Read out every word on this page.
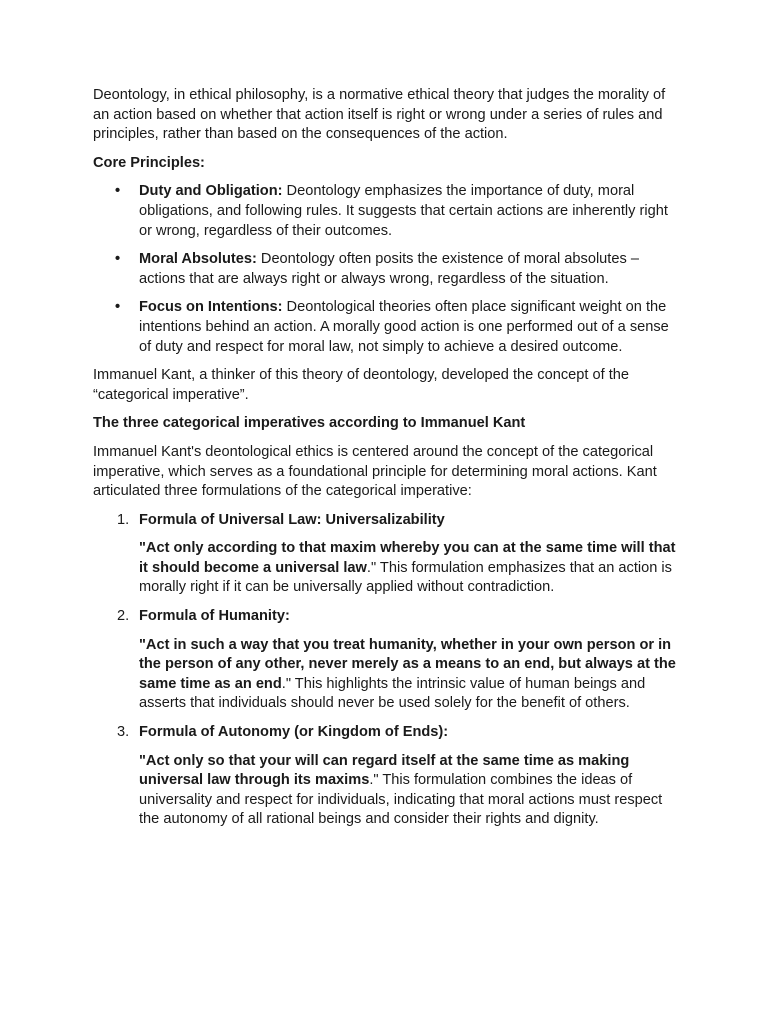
Deontology, in ethical philosophy, is a normative ethical theory that judges the morality of an action based on whether that action itself is right or wrong under a series of rules and principles, rather than based on the consequences of the action.

Core Principles:

• Duty and Obligation: Deontology emphasizes the importance of duty, moral obligations, and following rules. It suggests that certain actions are inherently right or wrong, regardless of their outcomes.
• Moral Absolutes: Deontology often posits the existence of moral absolutes – actions that are always right or always wrong, regardless of the situation.
• Focus on Intentions: Deontological theories often place significant weight on the intentions behind an action. A morally good action is one performed out of a sense of duty and respect for moral law, not simply to achieve a desired outcome.

Immanuel Kant, a thinker of this theory of deontology, developed the concept of the “categorical imperative”.

The three categorical imperatives according to Immanuel Kant

Immanuel Kant's deontological ethics is centered around the concept of the categorical imperative, which serves as a foundational principle for determining moral actions. Kant articulated three formulations of the categorical imperative:

1. Formula of Universal Law: Universalizability

"Act only according to that maxim whereby you can at the same time will that it should become a universal law." This formulation emphasizes that an action is morally right if it can be universally applied without contradiction.

2. Formula of Humanity:

"Act in such a way that you treat humanity, whether in your own person or in the person of any other, never merely as a means to an end, but always at the same time as an end." This highlights the intrinsic value of human beings and asserts that individuals should never be used solely for the benefit of others.

3. Formula of Autonomy (or Kingdom of Ends):

"Act only so that your will can regard itself at the same time as making universal law through its maxims." This formulation combines the ideas of universality and respect for individuals, indicating that moral actions must respect the autonomy of all rational beings and consider their rights and dignity.
